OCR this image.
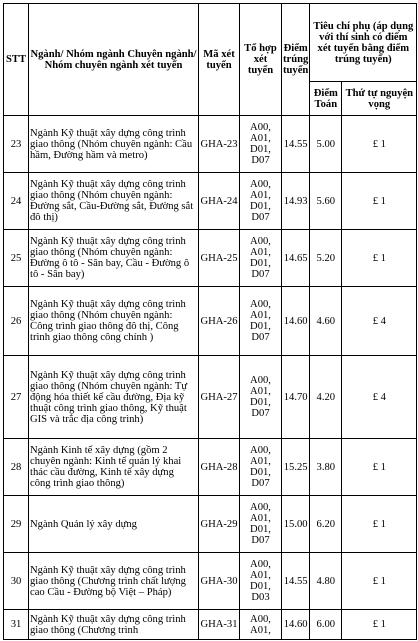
STT	Ngành/ Nhóm ngành Chuyên ngành/ Nhóm chuyên ngành xét tuyển	Mã xét tuyển	Tổ hợp xét tuyển	Điểm trúng tuyển	Tiêu chí phụ (áp dụng với thí sinh có điểm xét tuyển bằng điểm trúng tuyển)	
					Điểm Toán	Thứ tự nguyện vọng
23	Ngành Kỹ thuật xây dựng công trình giao thông (Nhóm chuyên ngành: Cầu hầm, Đường hầm và metro)	GHA-23	A00, A01, D01, D07	14.55	5.00	£ 1
24	Ngành Kỹ thuật xây dựng công trình giao thông (Nhóm chuyên ngành: Đường sắt, Cầu-Đường sắt, Đường sắt đô thị)	GHA-24	A00, A01, D01, D07	14.93	5.60	£ 1
25	Ngành Kỹ thuật xây dựng công trình giao thông (Nhóm chuyên ngành: Đường ô tô - Sân bay, Cầu - Đường ô tô - Sân bay)	GHA-25	A00, A01, D01, D07	14.65	5.20	£ 1
26	Ngành Kỹ thuật xây dựng công trình giao thông (Nhóm chuyên ngành: Công trình giao thông đô thị, Công trình giao thông công chính )	GHA-26	A00, A01, D01, D07	14.60	4.60	£ 4
27	Ngành Kỹ thuật xây dựng công trình giao thông (Nhóm chuyên ngành: Tự động hóa thiết kế cầu đường, Địa kỹ thuật công trình giao thông, Kỹ thuật GIS và trắc địa công trình)	GHA-27	A00, A01, D01, D07	14.70	4.20	£ 4
28	Ngành Kinh tế xây dựng (gồm 2 chuyên ngành: Kinh tế quản lý khai thác cầu đường, Kinh tế xây dựng công trình giao thông)	GHA-28	A00, A01, D01, D07	15.25	3.80	£ 1
29	Ngành Quản lý xây dựng	GHA-29	A00, A01, D01, D07	15.00	6.20	£ 1
30	Ngành Kỹ thuật xây dựng công trình giao thông (Chương trình chất lượng cao Cầu - Đường bộ Việt – Pháp)	GHA-30	A00, A01, D01, D03	14.55	4.80	£ 1
31	Ngành Kỹ thuật xây dựng công trình giao thông (Chương trình	GHA-31	A00, A01,	14.60	6.00	£ 1
